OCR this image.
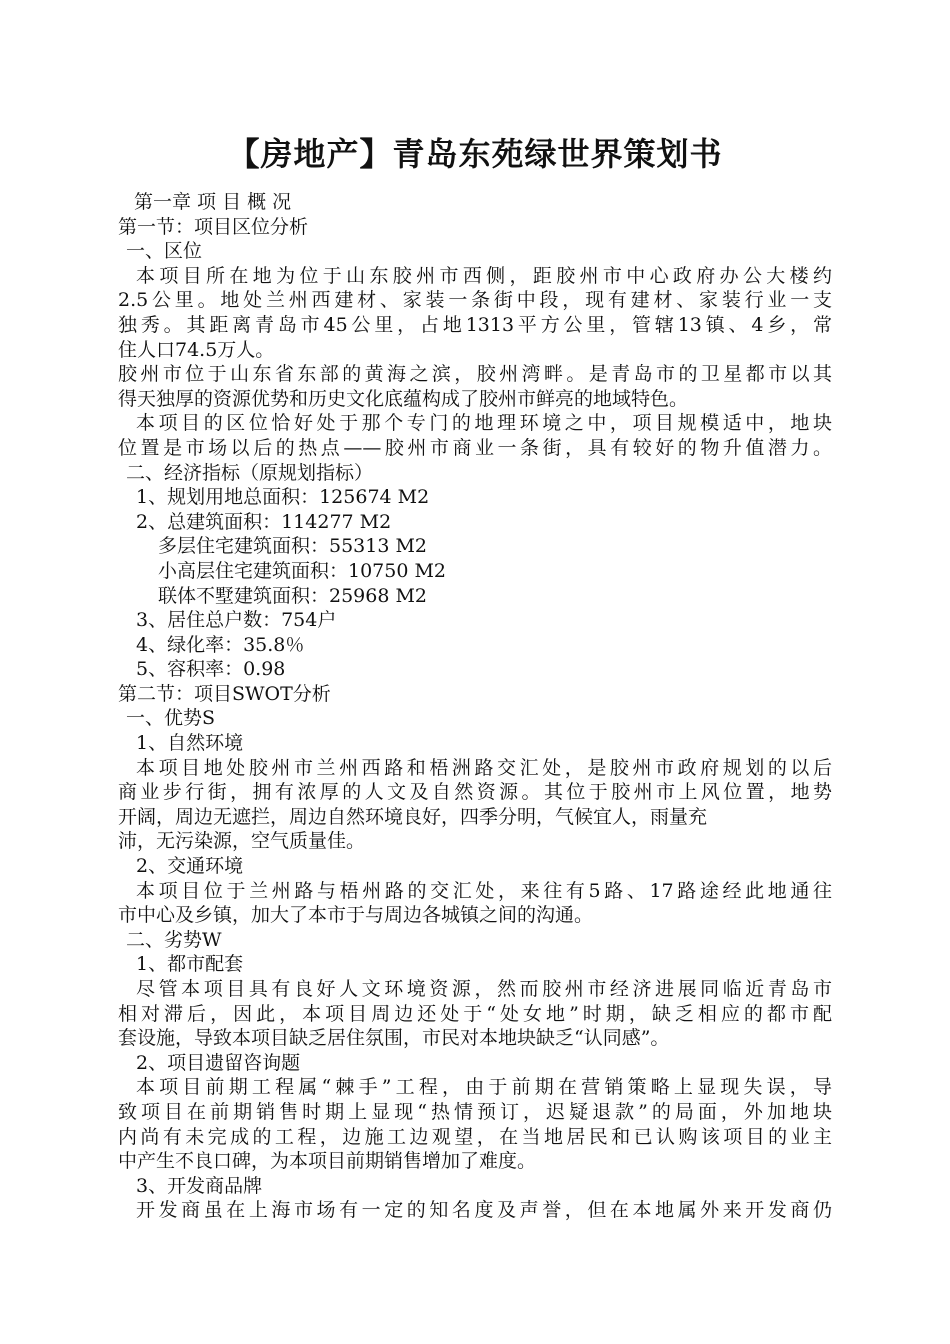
【房地产】青岛东苑绿世界策划书
第一章 项 目 概 况
第一节：项目区位分析
一、区位
本项目所在地为位于山东胶州市西侧，距胶州市中心政府办公大楼约
2.5公里。地处兰州西建材、家装一条街中段，现有建材、家装行业一支
独秀。其距离青岛市45公里，占地1313平方公里，管辖13镇、4乡，常
住人口74.5万人。
胶州市位于山东省东部的黄海之滨，胶州湾畔。是青岛市的卫星都市以其
得天独厚的资源优势和历史文化底蕴构成了胶州市鲜亮的地域特色。
本项目的区位恰好处于那个专门的地理环境之中，项目规模适中，地块
位置是市场以后的热点——胶州市商业一条街，具有较好的物升值潜力。
二、经济指标（原规划指标）
1、规划用地总面积：125674 M2
2、总建筑面积：114277 M2
多层住宅建筑面积：55313 M2
小高层住宅建筑面积：10750 M2
联体不墅建筑面积：25968 M2
3、居住总户数：754户
4、绿化率：35.8％
5、容积率：0.98
第二节：项目SWOT分析
一、优势S
1、自然环境
本项目地处胶州市兰州西路和梧洲路交汇处，是胶州市政府规划的以后
商业步行街，拥有浓厚的人文及自然资源。其位于胶州市上风位置，地势
开阔，周边无遮拦，周边自然环境良好，四季分明，气候宜人，雨量充
沛，无污染源，空气质量佳。
2、交通环境
本项目位于兰州路与梧州路的交汇处，来往有5路、17路途经此地通往
市中心及乡镇，加大了本市于与周边各城镇之间的沟通。
二、劣势W
1、都市配套
尽管本项目具有良好人文环境资源，然而胶州市经济进展同临近青岛市
相对滞后，因此，本项目周边还处于“处女地”时期，缺乏相应的都市配
套设施，导致本项目缺乏居住氛围，市民对本地块缺乏“认同感”。
2、项目遗留咨询题
本项目前期工程属“棘手”工程，由于前期在营销策略上显现失误，导
致项目在前期销售时期上显现“热情预订，迟疑退款”的局面，外加地块
内尚有未完成的工程，边施工边观望，在当地居民和已认购该项目的业主
中产生不良口碑，为本项目前期销售增加了难度。
3、开发商品牌
开发商虽在上海市场有一定的知名度及声誉，但在本地属外来开发商仍
